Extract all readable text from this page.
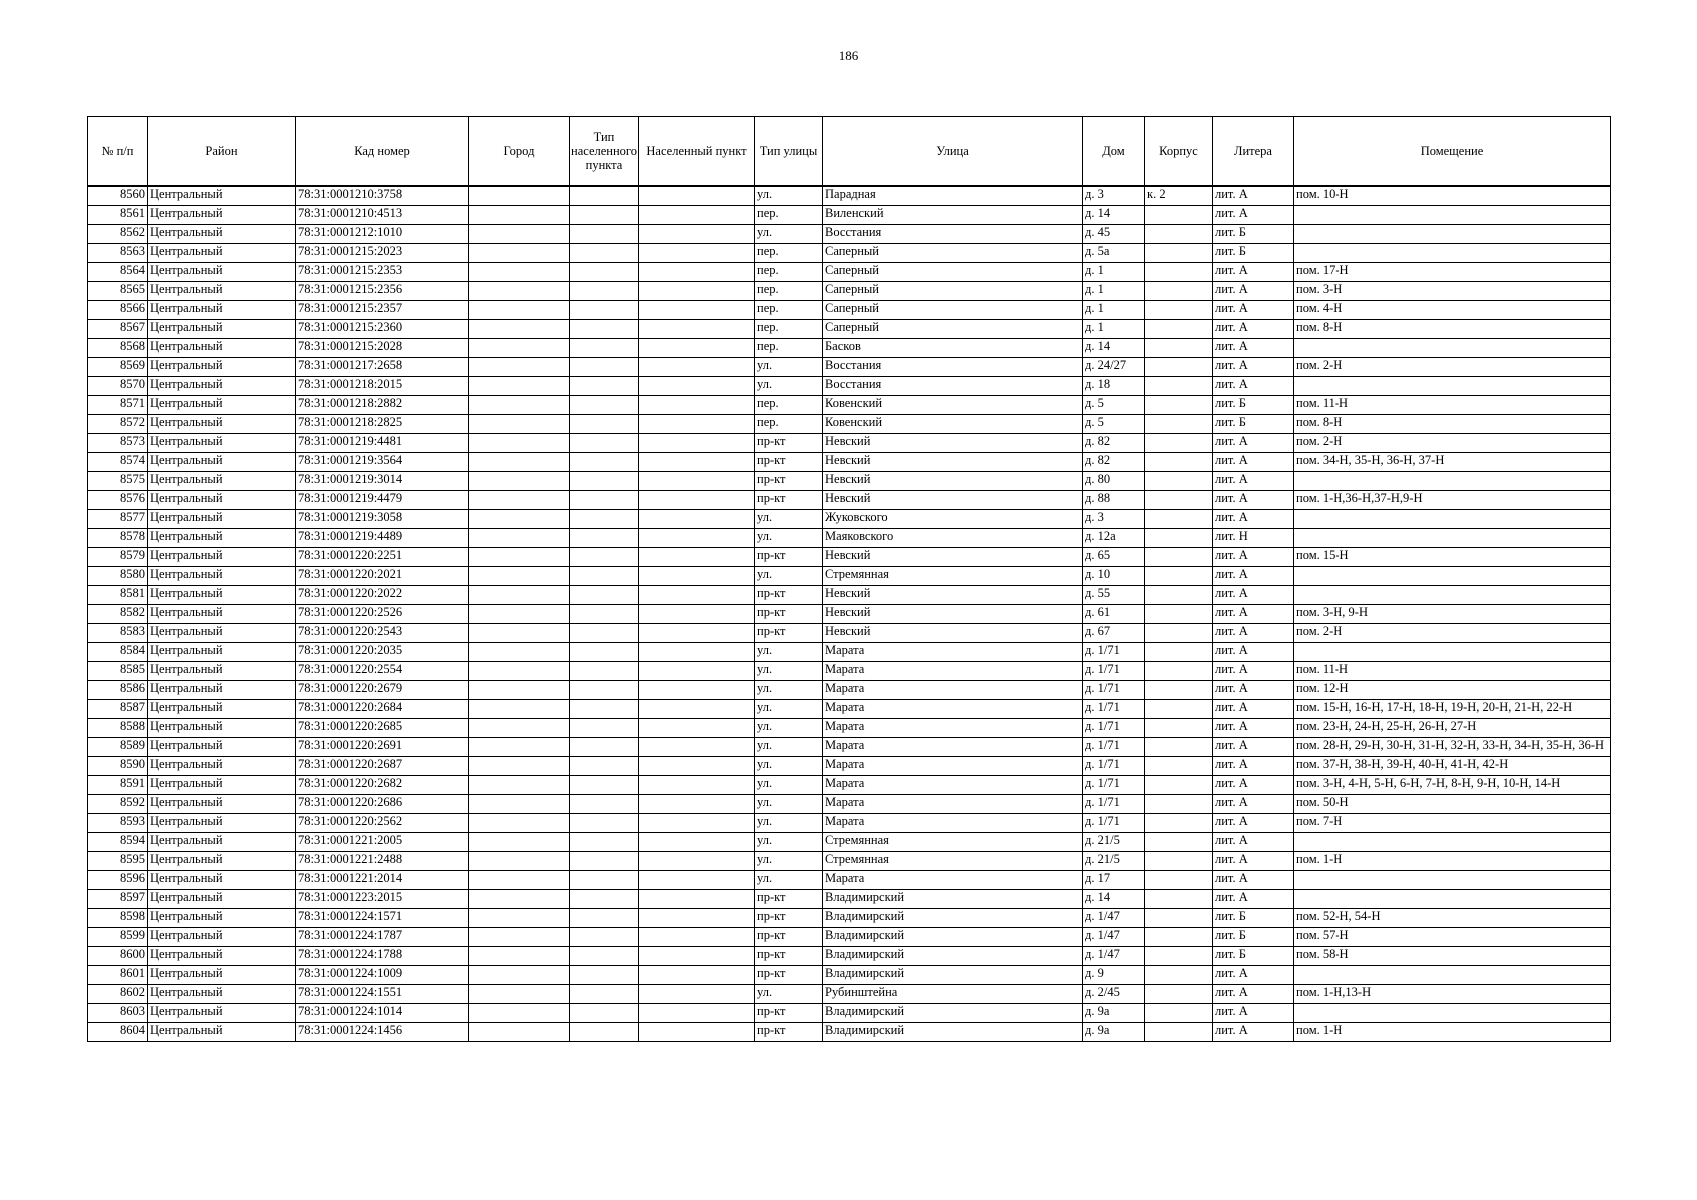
186
№ п/п	Район	Кад номер	Город	Тип населенного пункта	Населенный пункт	Тип улицы	Улица	Дом	Корпус	Литера	Помещение
8560	Центральный	78:31:0001210:3758				ул.	Парадная	д. 3	к. 2	лит. А	пом. 10-Н
8561	Центральный	78:31:0001210:4513				пер.	Виленский	д. 14		лит. А	
8562	Центральный	78:31:0001212:1010				ул.	Восстания	д. 45		лит. Б	
8563	Центральный	78:31:0001215:2023				пер.	Саперный	д. 5а		лит. Б	
8564	Центральный	78:31:0001215:2353				пер.	Саперный	д. 1		лит. А	пом. 17-Н
8565	Центральный	78:31:0001215:2356				пер.	Саперный	д. 1		лит. А	пом. 3-Н
8566	Центральный	78:31:0001215:2357				пер.	Саперный	д. 1		лит. А	пом. 4-Н
8567	Центральный	78:31:0001215:2360				пер.	Саперный	д. 1		лит. А	пом. 8-Н
8568	Центральный	78:31:0001215:2028				пер.	Басков	д. 14		лит. А	
8569	Центральный	78:31:0001217:2658				ул.	Восстания	д. 24/27		лит. А	пом. 2-Н
8570	Центральный	78:31:0001218:2015				ул.	Восстания	д. 18		лит. А	
8571	Центральный	78:31:0001218:2882				пер.	Ковенский	д. 5		лит. Б	пом. 11-Н
8572	Центральный	78:31:0001218:2825				пер.	Ковенский	д. 5		лит. Б	пом. 8-Н
8573	Центральный	78:31:0001219:4481				пр-кт	Невский	д. 82		лит. А	пом. 2-Н
8574	Центральный	78:31:0001219:3564				пр-кт	Невский	д. 82		лит. А	пом. 34-Н, 35-Н, 36-Н, 37-Н
8575	Центральный	78:31:0001219:3014				пр-кт	Невский	д. 80		лит. А	
8576	Центральный	78:31:0001219:4479				пр-кт	Невский	д. 88		лит. А	пом. 1-Н,36-Н,37-Н,9-Н
8577	Центральный	78:31:0001219:3058				ул.	Жуковского	д. 3		лит. А	
8578	Центральный	78:31:0001219:4489				ул.	Маяковского	д. 12а		лит. Н	
8579	Центральный	78:31:0001220:2251				пр-кт	Невский	д. 65		лит. А	пом. 15-Н
8580	Центральный	78:31:0001220:2021				ул.	Стремянная	д. 10		лит. А	
8581	Центральный	78:31:0001220:2022				пр-кт	Невский	д. 55		лит. А	
8582	Центральный	78:31:0001220:2526				пр-кт	Невский	д. 61		лит. А	пом. 3-Н, 9-Н
8583	Центральный	78:31:0001220:2543				пр-кт	Невский	д. 67		лит. А	пом. 2-Н
8584	Центральный	78:31:0001220:2035				ул.	Марата	д. 1/71		лит. А	
8585	Центральный	78:31:0001220:2554				ул.	Марата	д. 1/71		лит. А	пом. 11-Н
8586	Центральный	78:31:0001220:2679				ул.	Марата	д. 1/71		лит. А	пом. 12-Н
8587	Центральный	78:31:0001220:2684				ул.	Марата	д. 1/71		лит. А	пом. 15-Н, 16-Н, 17-Н, 18-Н, 19-Н, 20-Н, 21-Н, 22-Н
8588	Центральный	78:31:0001220:2685				ул.	Марата	д. 1/71		лит. А	пом. 23-Н, 24-Н, 25-Н, 26-Н, 27-Н
8589	Центральный	78:31:0001220:2691				ул.	Марата	д. 1/71		лит. А	пом. 28-Н, 29-Н, 30-Н, 31-Н, 32-Н, 33-Н, 34-Н, 35-Н, 36-Н
8590	Центральный	78:31:0001220:2687				ул.	Марата	д. 1/71		лит. А	пом. 37-Н, 38-Н, 39-Н, 40-Н, 41-Н, 42-Н
8591	Центральный	78:31:0001220:2682				ул.	Марата	д. 1/71		лит. А	пом. 3-Н, 4-Н, 5-Н, 6-Н, 7-Н, 8-Н, 9-Н, 10-Н, 14-Н
8592	Центральный	78:31:0001220:2686				ул.	Марата	д. 1/71		лит. А	пом. 50-Н
8593	Центральный	78:31:0001220:2562				ул.	Марата	д. 1/71		лит. А	пом. 7-Н
8594	Центральный	78:31:0001221:2005				ул.	Стремянная	д. 21/5		лит. А	
8595	Центральный	78:31:0001221:2488				ул.	Стремянная	д. 21/5		лит. А	пом. 1-Н
8596	Центральный	78:31:0001221:2014				ул.	Марата	д. 17		лит. А	
8597	Центральный	78:31:0001223:2015				пр-кт	Владимирский	д. 14		лит. А	
8598	Центральный	78:31:0001224:1571				пр-кт	Владимирский	д. 1/47		лит. Б	пом. 52-Н, 54-Н
8599	Центральный	78:31:0001224:1787				пр-кт	Владимирский	д. 1/47		лит. Б	пом. 57-Н
8600	Центральный	78:31:0001224:1788				пр-кт	Владимирский	д. 1/47		лит. Б	пом. 58-Н
8601	Центральный	78:31:0001224:1009				пр-кт	Владимирский	д. 9		лит. А	
8602	Центральный	78:31:0001224:1551				ул.	Рубинштейна	д. 2/45		лит. А	пом. 1-Н,13-Н
8603	Центральный	78:31:0001224:1014				пр-кт	Владимирский	д. 9а		лит. А	
8604	Центральный	78:31:0001224:1456				пр-кт	Владимирский	д. 9а		лит. А	пом. 1-Н
